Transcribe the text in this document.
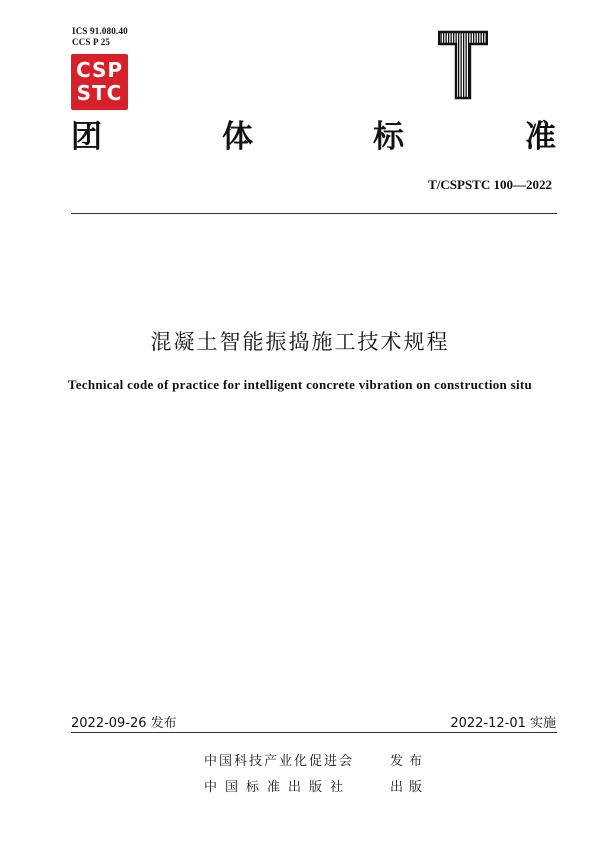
ICS 91.080.40
CCS P 25
CSP
STC
T
团	体	标	准
T/CSPSTC 100—2022
混凝土智能振捣施工技术规程
Technical code of practice for intelligent concrete vibration on construction situ
2022-09-26 发布	2022-12-01 实施
中国科技产业化促进会	发布
中国标准出版社	出版
